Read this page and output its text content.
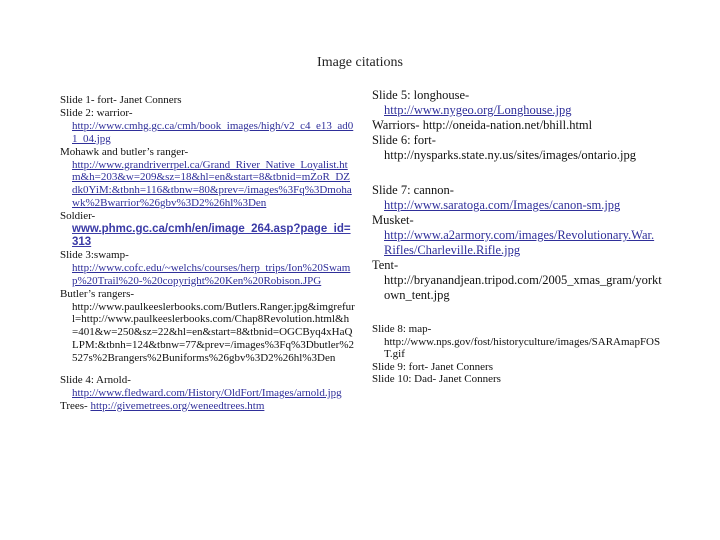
Image citations
Slide 1- fort- Janet Conners
Slide 2: warrior-
http://www.cmhg.gc.ca/cmh/book_images/high/v2_c4_e13_ad01_04.jpg
Mohawk and butler’s ranger-
http://www.grandriverrpel.ca/Grand_River_Native_Loyalist.htm&h=203&w=209&sz=18&hl=en&start=8&tbnid=mZoR_DZdk0YiM:&tbnh=116&tbnw=80&prev=/images%3Fq%3Dmohawk%2Bwarrior%26gbv%3D2%26hl%3Den
Soldier-
www.phmc.gc.ca/cmh/en/image_264.asp?page_id=313
Slide 3:swamp-
http://www.cofc.edu/~welchs/courses/herp_trips/Ion%20Swamp%20Trail%20-%20copyright%20Ken%20Robison.JPG
Butler’s rangers-
http://www.paulkeeslerbooks.com/Butlers.Ranger.jpg&imgrefurl=http://www.paulkeeslerbooks.com/Chap8Revolution.html&h=401&w=250&sz=22&hl=en&start=8&tbnid=OGCByq4xHaQLPM:&tbnh=124&tbnw=77&prev=/images%3Fq%3Dbutler%2527s%2Brangers%2Buniforms%26gbv%3D2%26hl%3Den
Slide 4: Arnold-
http://www.fledward.com/History/OldFort/Images/arnold.jpg
Trees- http://givemetrees.org/weneedtrees.htm
Slide 5: longhouse-
http://www.nygeo.org/Longhouse.jpg
Warriors- http://oneida-nation.net/bhill.html
Slide 6: fort-
http://nysparks.state.ny.us/sites/images/ontario.jpg
Slide 7: cannon-
http://www.saratoga.com/Images/canon-sm.jpg
Musket-
http://www.a2armory.com/images/Revolutionary.War.Rifles/Charleville.Rifle.jpg
Tent-
http://bryanandjean.tripod.com/2005_xmas_gram/yorktown_tent.jpg
Slide 8: map-
http://www.nps.gov/fost/historyculture/images/SARAmapFOST.gif
Slide 9: fort- Janet Conners
Slide 10: Dad- Janet Conners
